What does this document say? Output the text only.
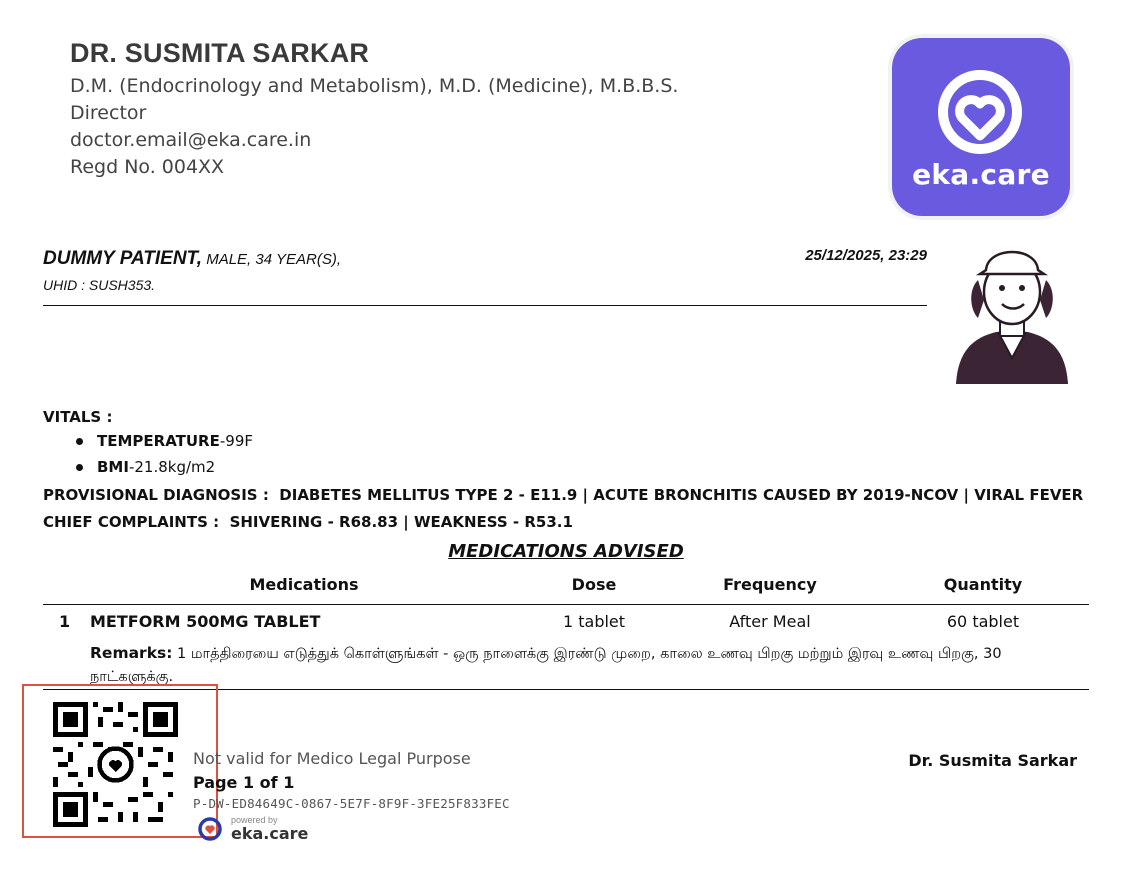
DR. SUSMITA SARKAR
D.M. (Endocrinology and Metabolism), M.D. (Medicine), M.B.B.S.
Director
doctor.email@eka.care.in
Regd No. 004XX	eka.care
DUMMY PATIENT, MALE, 34 YEAR(S),
UHID : SUSH353.
25/12/2025, 23:29
VITALS :
TEMPERATURE-99F
BMI-21.8kg/m2
PROVISIONAL DIAGNOSIS : DIABETES MELLITUS TYPE 2 - E11.9 | ACUTE BRONCHITIS CAUSED BY 2019-NCOV | VIRAL FEVER
CHIEF COMPLAINTS : SHIVERING - R68.83 | WEAKNESS - R53.1
MEDICATIONS ADVISED
Medications	Dose	Frequency	Quantity
1 METFORM 500MG TABLET	1 tablet	After Meal	60 tablet
Remarks: 1 மாத்திரையை எடுத்துக் கொள்ளுங்கள் - ஒரு நாளைக்கு இரண்டு முறை, காலை உணவு பிறகு மற்றும் இரவு உணவு பிறகு, 30 நாட்களுக்கு.
Not valid for Medico Legal Purpose
Page 1 of 1
P-DW-ED84649C-0867-5E7F-8F9F-3FE25F833FEC
powered by
eka.care
Dr. Susmita Sarkar
